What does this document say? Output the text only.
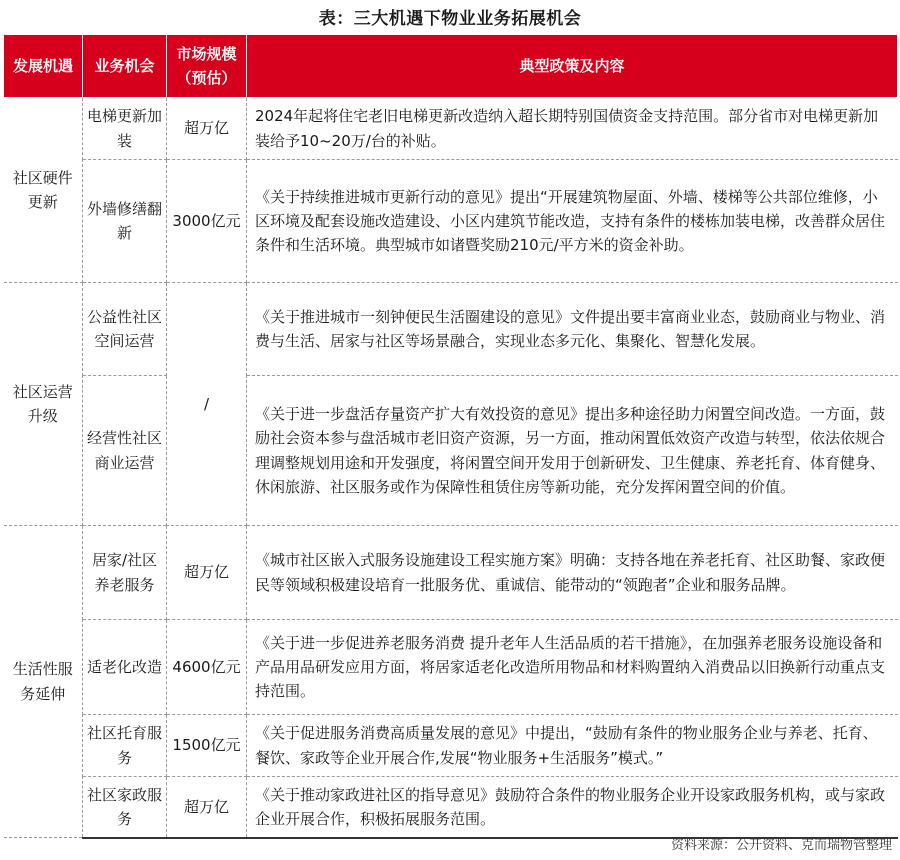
表：三大机遇下物业业务拓展机会
发展机遇	业务机会	市场规模（预估）	典型政策及内容
社区硬件更新	电梯更新加装	超万亿	2024年起将住宅老旧电梯更新改造纳入超长期特别国债资金支持范围。部分省市对电梯更新加装给予10~20万/台的补贴。
	外墙修缮翻新	3000亿元	《关于持续推进城市更新行动的意见》提出“开展建筑物屋面、外墙、楼梯等公共部位维修，小区环境及配套设施改造建设、小区内建筑节能改造，支持有条件的楼栋加装电梯，改善群众居住条件和生活环境。典型城市如诸暨奖励210元/平方米的资金补助。
社区运营升级	公益性社区空间运营	/	《关于推进城市一刻钟便民生活圈建设的意见》文件提出要丰富商业业态，鼓励商业与物业、消费与生活、居家与社区等场景融合，实现业态多元化、集聚化、智慧化发展。
	经营性社区商业运营		《关于进一步盘活存量资产扩大有效投资的意见》提出多种途径助力闲置空间改造。一方面，鼓励社会资本参与盘活城市老旧资产资源，另一方面，推动闲置低效资产改造与转型，依法依规合理调整规划用途和开发强度，将闲置空间开发用于创新研发、卫生健康、养老托育、体育健身、休闲旅游、社区服务或作为保障性租赁住房等新功能，充分发挥闲置空间的价值。
生活性服务延伸	居家/社区养老服务	超万亿	《城市社区嵌入式服务设施建设工程实施方案》明确：支持各地在养老托育、社区助餐、家政便民等领域积极建设培育一批服务优、重诚信、能带动的“领跑者”企业和服务品牌。
	适老化改造	4600亿元	《关于进一步促进养老服务消费 提升老年人生活品质的若干措施》，在加强养老服务设施设备和产品用品研发应用方面，将居家适老化改造所用物品和材料购置纳入消费品以旧换新行动重点支持范围。
	社区托育服务	1500亿元	《关于促进服务消费高质量发展的意见》中提出，“鼓励有条件的物业服务企业与养老、托育、餐饮、家政等企业开展合作,发展“物业服务+生活服务”模式。”
	社区家政服务	超万亿	《关于推动家政进社区的指导意见》鼓励符合条件的物业服务企业开设家政服务机构，或与家政企业开展合作，积极拓展服务范围。
资料来源：公开资料、克而瑞物管整理
